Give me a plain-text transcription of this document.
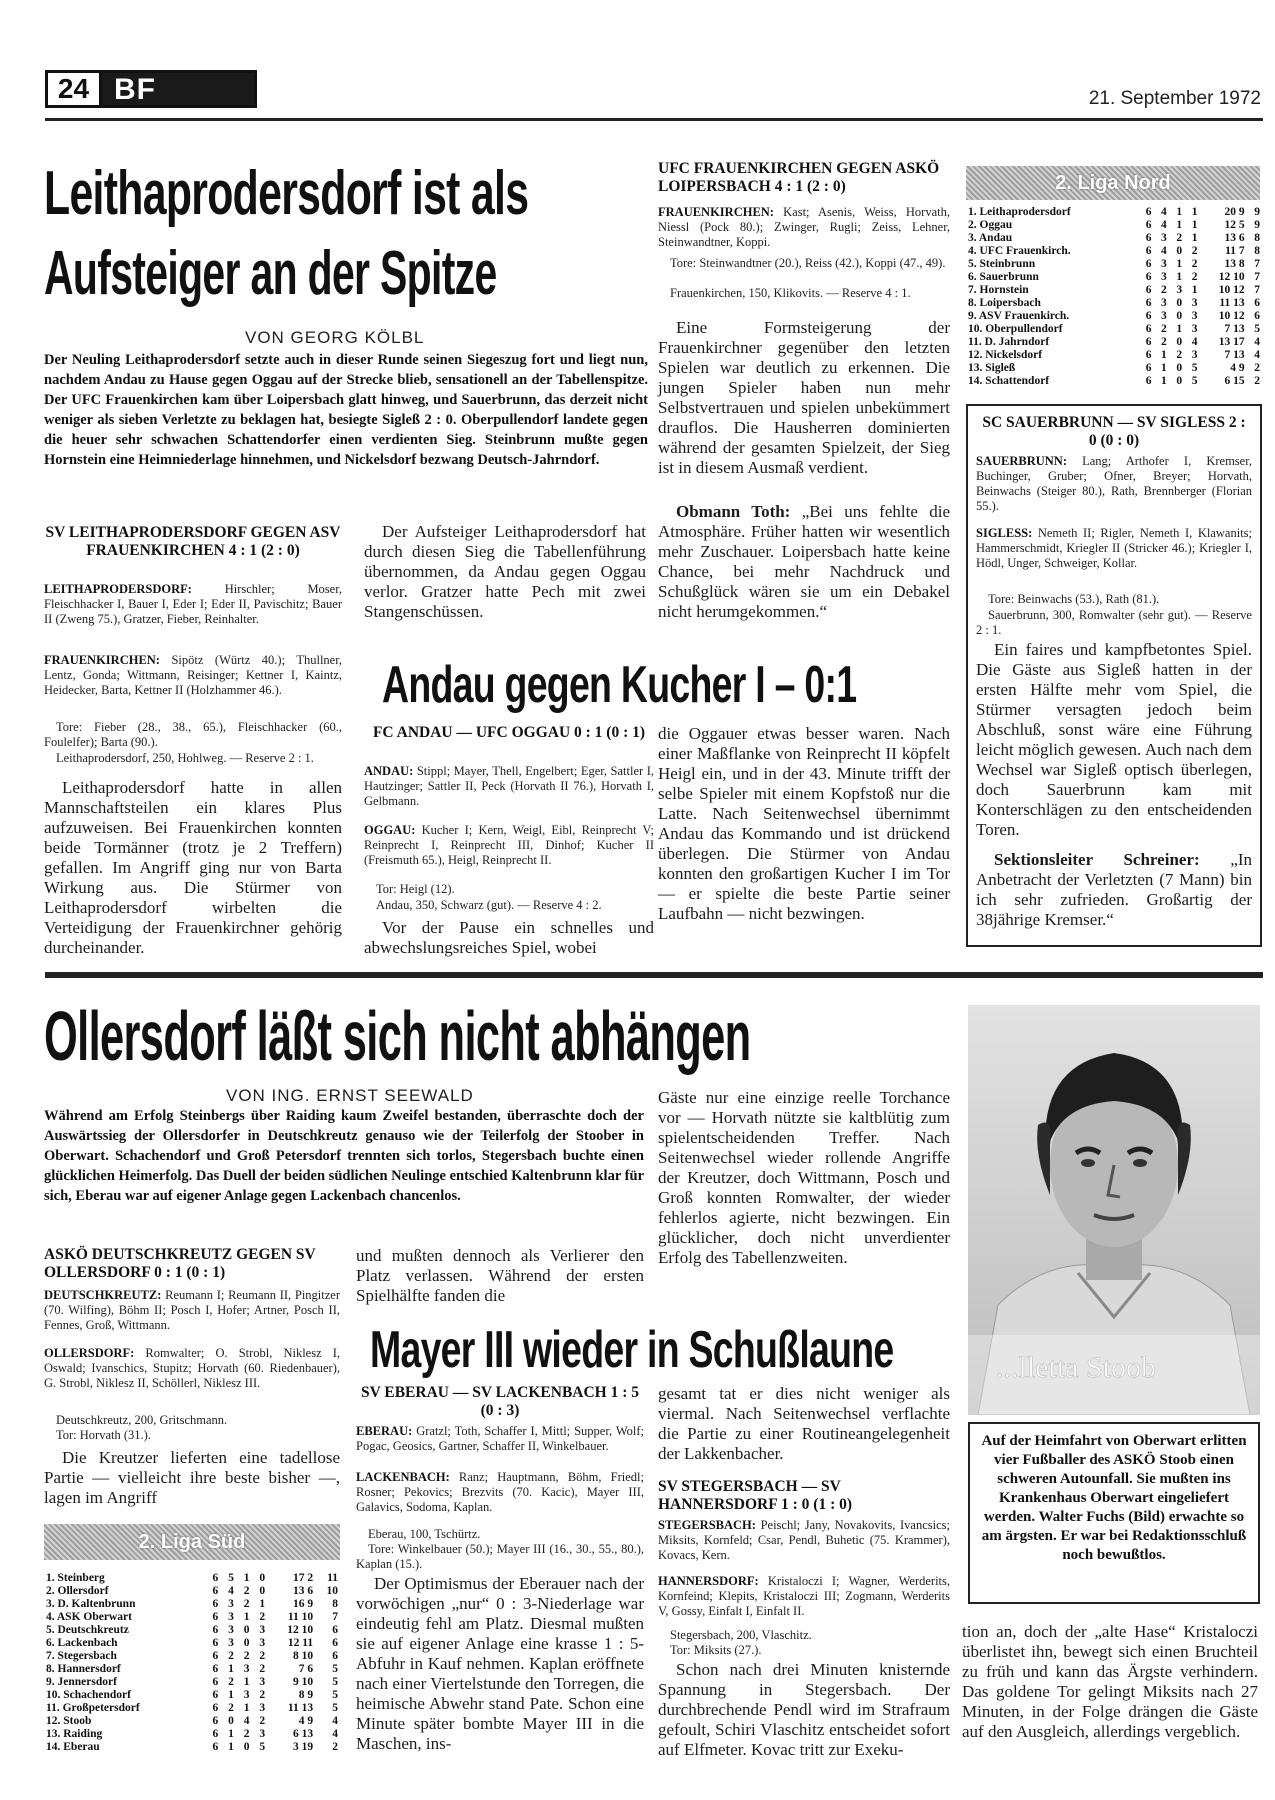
24 BF	21. September 1972
Leithaprodersdorf ist als
Aufsteiger an der Spitze
VON GEORG KÖLBL
Der Neuling Leithaprodersdorf setzte auch in dieser Runde seinen Siegeszug fort und liegt nun, nachdem Andau zu Hause gegen Oggau auf der Strecke blieb, sensationell an der Tabellenspitze. Der UFC Frauenkirchen kam über Loipersbach glatt hinweg, und Sauerbrunn, das derzeit nicht weniger als sieben Verletzte zu beklagen hat, besiegte Sigleß 2 : 0. Oberpullendorf landete gegen die heuer sehr schwachen Schattendorfer einen verdienten Sieg. Steinbrunn mußte gegen Hornstein eine Heimniederlage hinnehmen, und Nickelsdorf bezwang Deutsch-Jahrndorf.
SV LEITHAPRODERSDORF GEGEN ASV FRAUENKIRCHEN 4 : 1 (2 : 0)
LEITHAPRODERSDORF:	Hirschler; Moser, Fleischhacker I, Bauer I, Eder I; Eder II, Pavischitz; Bauer II (Zweng 75.), Gratzer, Fieber, Reinhalter.
FRAUENKIRCHEN: Sipötz (Würtz 40.); Thullner, Lentz, Gonda; Wittmann, Reisinger; Kettner I, Kaintz, Heidecker, Barta, Kettner II (Holzhammer 46.).
Tore: Fieber (28., 38., 65.), Fleischhacker (60., Foulelfer); Barta (90.).
Leithaprodersdorf, 250, Hohlweg. — Reserve 2 : 1.
Leithaprodersdorf hatte in allen Mannschaftsteilen ein klares Plus aufzuweisen. Bei Frauenkirchen konnten beide Tormänner (trotz je 2 Treffern) gefallen. Im Angriff ging nur von Barta Wirkung aus. Die Stürmer von Leithaprodersdorf wirbelten die Verteidigung der Frauenkirchner gehörig durcheinander.
Der Aufsteiger Leithaprodersdorf hat durch diesen Sieg die Tabellenführung übernommen, da Andau gegen Oggau verlor. Gratzer hatte Pech mit zwei Stangenschüssen.
UFC FRAUENKIRCHEN GEGEN ASKÖ LOIPERSBACH 4 : 1 (2 : 0)
FRAUENKIRCHEN: Kast; Asenis, Weiss, Horvath, Niessl (Pock 80.); Zwinger, Rugli; Zeiss, Lehner, Steinwandtner, Koppi.
Tore: Steinwandtner (20.), Reiss (42.), Koppi (47., 49).
Frauenkirchen, 150, Klikovits. — Reserve 4 : 1.
Eine Formsteigerung der Frauenkirchner gegenüber den letzten Spielen war deutlich zu erkennen. Die jungen Spieler haben nun mehr Selbstvertrauen und spielen unbekümmert drauflos. Die Hausherren dominierten während der gesamten Spielzeit, der Sieg ist in diesem Ausmaß verdient.
Obmann Toth: „Bei uns fehlte die Atmosphäre. Früher hatten wir wesentlich mehr Zuschauer. Loipersbach hatte keine Chance, bei mehr Nachdruck und Schußglück wären sie um ein Debakel nicht herumgekommen.“
2. Liga Nord
1. Leithaprodersdorf	6	4	1	1	20 9	9
2. Oggau	6	4	1	1	12 5	9
3. Andau	6	3	2	1	13 6	8
4. UFC Frauenkirch.	6	4	0	2	11 7	8
5. Steinbrunn	6	3	1	2	13 8	7
6. Sauerbrunn	6	3	1	2	12 10	7
7. Hornstein	6	2	3	1	10 12	7
8. Loipersbach	6	3	0	3	11 13	6
9. ASV Frauenkirch.	6	3	0	3	10 12	6
10. Oberpullendorf	6	2	1	3	7 13	5
11. D. Jahrndorf	6	2	0	4	13 17	4
12. Nickelsdorf	6	1	2	3	7 13	4
13. Sigleß	6	1	0	5	4 9	2
14. Schattendorf	6	1	0	5	6 15	2
SC SAUERBRUNN — SV SIGLESS 2 : 0 (0 : 0)
SAUERBRUNN: Lang; Arthofer I, Kremser, Buchinger, Gruber; Ofner, Breyer; Horvath, Beinwachs (Steiger 80.), Rath, Brennberger (Florian 55.).
SIGLESS: Nemeth II; Rigler, Nemeth I, Klawanits; Hammerschmidt, Kriegler II (Stricker 46.); Kriegler I, Hödl, Unger, Schweiger, Kollar.
Tore: Beinwachs (53.), Rath (81.).
Sauerbrunn, 300, Romwalter (sehr gut). — Reserve 2 : 1.
Ein faires und kampfbetontes Spiel. Die Gäste aus Sigleß hatten in der ersten Hälfte mehr vom Spiel, die Stürmer versagten jedoch beim Abschluß, sonst wäre eine Führung leicht möglich gewesen. Auch nach dem Wechsel war Sigleß optisch überlegen, doch Sauerbrunn kam mit Konterschlägen zu den entscheidenden Toren.
Sektionsleiter Schreiner: „In Anbetracht der Verletzten (7 Mann) bin ich sehr zufrieden. Großartig der 38jährige Kremser.“
Andau gegen Kucher I – 0:1
FC ANDAU — UFC OGGAU 0 : 1 (0 : 1)
ANDAU: Stippl; Mayer, Thell, Engelbert; Eger, Sattler I, Hautzinger; Sattler II, Peck (Horvath II 76.), Horvath I, Gelbmann.
OGGAU: Kucher I; Kern, Weigl, Eibl, Reinprecht V; Reinprecht I, Reinprecht III, Dinhof; Kucher II (Freismuth 65.), Heigl, Reinprecht II.
Tor: Heigl (12).
Andau, 350, Schwarz (gut). — Reserve 4 : 2.
Vor der Pause ein schnelles und abwechslungsreiches Spiel, wobei
die Oggauer etwas besser waren. Nach einer Maßflanke von Reinprecht II köpfelt Heigl ein, und in der 43. Minute trifft der selbe Spieler mit einem Kopfstoß nur die Latte. Nach Seitenwechsel übernimmt Andau das Kommando und ist drückend überlegen. Die Stürmer von Andau konnten den großartigen Kucher I im Tor — er spielte die beste Partie seiner Laufbahn — nicht bezwingen.
Ollersdorf läßt sich nicht abhängen
VON ING. ERNST SEEWALD
Während am Erfolg Steinbergs über Raiding kaum Zweifel bestanden, überraschte doch der Auswärtssieg der Ollersdorfer in Deutschkreutz genauso wie der Teilerfolg der Stoober in Oberwart. Schachendorf und Groß Petersdorf trennten sich torlos, Stegersbach buchte einen glücklichen Heimerfolg. Das Duell der beiden südlichen Neulinge entschied Kaltenbrunn klar für sich, Eberau war auf eigener Anlage gegen Lackenbach chancenlos.
ASKÖ DEUTSCHKREUTZ GEGEN SV OLLERSDORF 0 : 1 (0 : 1)
DEUTSCHKREUTZ: Reumann I; Reumann II, Pingitzer (70. Wilfing), Böhm II; Posch I, Hofer; Artner, Posch II, Fennes, Groß, Wittmann.
OLLERSDORF: Romwalter; O. Strobl, Niklesz I, Oswald; Ivanschics, Stupitz; Horvath (60. Riedenbauer), G. Strobl, Niklesz II, Schöllerl, Niklesz III.
Deutschkreutz, 200, Gritschmann.
Tor: Horvath (31.).
Die Kreutzer lieferten eine tadellose Partie — vielleicht ihre beste bisher —, lagen im Angriff
und mußten dennoch als Verlierer den Platz verlassen. Während der ersten Spielhälfte fanden die
Gäste nur eine einzige reelle Torchance vor — Horvath nützte sie kaltblütig zum spielentscheidenden Treffer. Nach Seitenwechsel wieder rollende Angriffe der Kreutzer, doch Wittmann, Posch und Groß konnten Romwalter, der wieder fehlerlos agierte, nicht bezwingen. Ein glücklicher, doch nicht unverdienter Erfolg des Tabellenzweiten.
2. Liga Süd
1. Steinberg	6	5	1	0	17 2	11
2. Ollersdorf	6	4	2	0	13 6	10
3. D. Kaltenbrunn	6	3	2	1	16 9	8
4. ASK Oberwart	6	3	1	2	11 10	7
5. Deutschkreutz	6	3	0	3	12 10	6
6. Lackenbach	6	3	0	3	12 11	6
7. Stegersbach	6	2	2	2	8 10	6
8. Hannersdorf	6	1	3	2	7 6	5
9. Jennersdorf	6	2	1	3	9 10	5
10. Schachendorf	6	1	3	2	8 9	5
11. Großpetersdorf	6	2	1	3	11 13	5
12. Stoob	6	0	4	2	4 9	4
13. Raiding	6	1	2	3	6 13	4
14. Eberau	6	1	0	5	3 19	2
Mayer III wieder in Schußlaune
SV EBERAU — SV LACKENBACH 1 : 5 (0 : 3)
EBERAU: Gratzl; Toth, Schaffer I, Mittl; Supper, Wolf; Pogac, Geosics, Gartner, Schaffer II, Winkelbauer.
LACKENBACH: Ranz; Hauptmann, Böhm, Friedl; Rosner; Pekovics; Brezvits (70. Kacic), Mayer III, Galavics, Sodoma, Kaplan.
Eberau, 100, Tschürtz.
Tore: Winkelbauer (50.); Mayer III (16., 30., 55., 80.), Kaplan (15.).
Der Optimismus der Eberauer nach der vorwöchigen „nur“ 0 : 3-Niederlage war eindeutig fehl am Platz. Diesmal mußten sie auf eigener Anlage eine krasse 1 : 5-Abfuhr in Kauf nehmen. Kaplan eröffnete nach einer Viertelstunde den Torregen, die heimische Abwehr stand Pate. Schon eine Minute später bombte Mayer III in die Maschen, ins-
gesamt tat er dies nicht weniger als viermal. Nach Seitenwechsel verflachte die Partie zu einer Routineangelegenheit der Lakkenbacher.
SV STEGERSBACH — SV HANNERSDORF 1 : 0 (1 : 0)
STEGERSBACH: Peischl; Jany, Novakovits, Ivancsics; Miksits, Kornfeld; Csar, Pendl, Buhetic (75. Krammer), Kovacs, Kern.
HANNERSDORF: Kristaloczi I; Wagner, Werderits, Kornfeind; Klepits, Kristaloczi III; Zogmann, Werderits V, Gossy, Einfalt I, Einfalt II.
Stegersbach, 200, Vlaschitz.
Tor: Miksits (27.).
Schon nach drei Minuten knisternde Spannung in Stegersbach. Der durchbrechende Pendl wird im Strafraum gefoult, Schiri Vlaschitz entscheidet sofort auf Elfmeter. Kovac tritt zur Exeku-
tion an, doch der „alte Hase“ Kristaloczi überlistet ihn, bewegt sich einen Bruchteil zu früh und kann das Ärgste verhindern. Das goldene Tor gelingt Miksits nach 27 Minuten, in der Folge drängen die Gäste auf den Ausgleich, allerdings vergeblich.
...lletta Stoob
Auf der Heimfahrt von Oberwart erlitten vier Fußballer des ASKÖ Stoob einen schweren Autounfall. Sie mußten ins Krankenhaus Oberwart eingeliefert werden. Walter Fuchs (Bild) erwachte so am ärgsten. Er war bei Redaktionsschluß noch bewußtlos.
